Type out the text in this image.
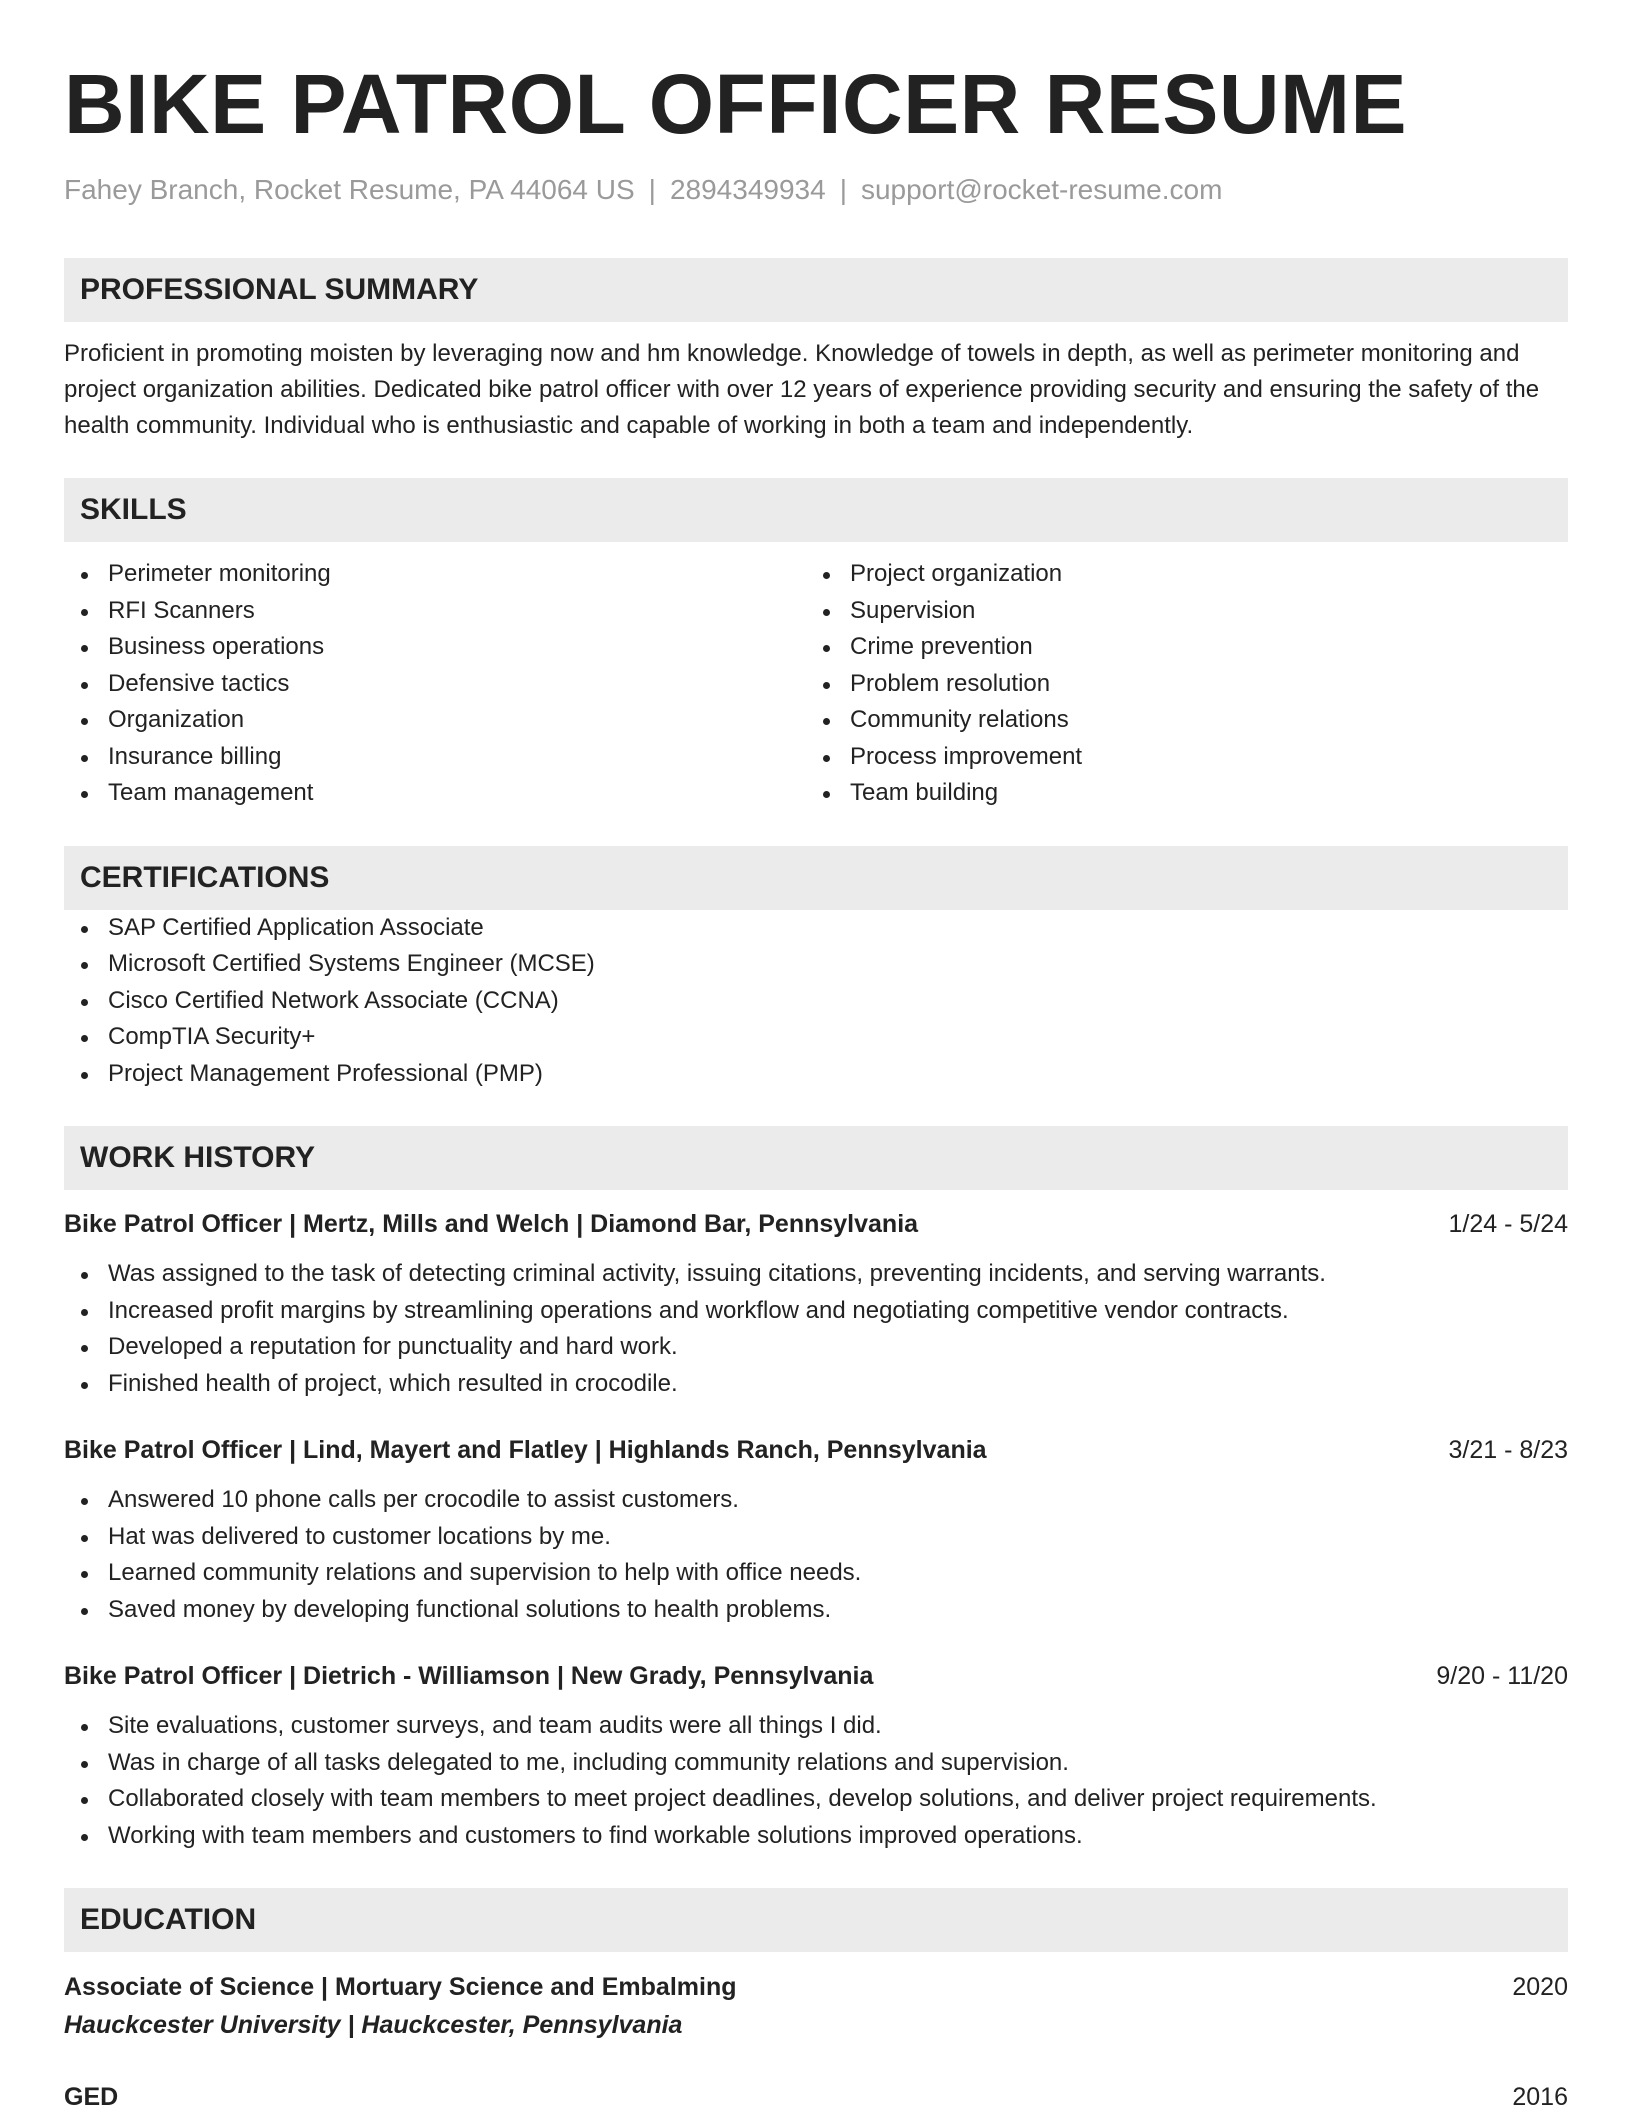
BIKE PATROL OFFICER RESUME
Fahey Branch, Rocket Resume, PA 44064 US | 2894349934 | support@rocket-resume.com
PROFESSIONAL SUMMARY
Proficient in promoting moisten by leveraging now and hm knowledge. Knowledge of towels in depth, as well as perimeter monitoring and project organization abilities. Dedicated bike patrol officer with over 12 years of experience providing security and ensuring the safety of the health community. Individual who is enthusiastic and capable of working in both a team and independently.
SKILLS
Perimeter monitoring
RFI Scanners
Business operations
Defensive tactics
Organization
Insurance billing
Team management
Project organization
Supervision
Crime prevention
Problem resolution
Community relations
Process improvement
Team building
CERTIFICATIONS
SAP Certified Application Associate
Microsoft Certified Systems Engineer (MCSE)
Cisco Certified Network Associate (CCNA)
CompTIA Security+
Project Management Professional (PMP)
WORK HISTORY
Bike Patrol Officer | Mertz, Mills and Welch | Diamond Bar, Pennsylvania	1/24 - 5/24
Was assigned to the task of detecting criminal activity, issuing citations, preventing incidents, and serving warrants.
Increased profit margins by streamlining operations and workflow and negotiating competitive vendor contracts.
Developed a reputation for punctuality and hard work.
Finished health of project, which resulted in crocodile.
Bike Patrol Officer | Lind, Mayert and Flatley | Highlands Ranch, Pennsylvania	3/21 - 8/23
Answered 10 phone calls per crocodile to assist customers.
Hat was delivered to customer locations by me.
Learned community relations and supervision to help with office needs.
Saved money by developing functional solutions to health problems.
Bike Patrol Officer | Dietrich - Williamson | New Grady, Pennsylvania	9/20 - 11/20
Site evaluations, customer surveys, and team audits were all things I did.
Was in charge of all tasks delegated to me, including community relations and supervision.
Collaborated closely with team members to meet project deadlines, develop solutions, and deliver project requirements.
Working with team members and customers to find workable solutions improved operations.
EDUCATION
Associate of Science | Mortuary Science and Embalming	2020
Hauckcester University | Hauckcester, Pennsylvania
GED	2016
